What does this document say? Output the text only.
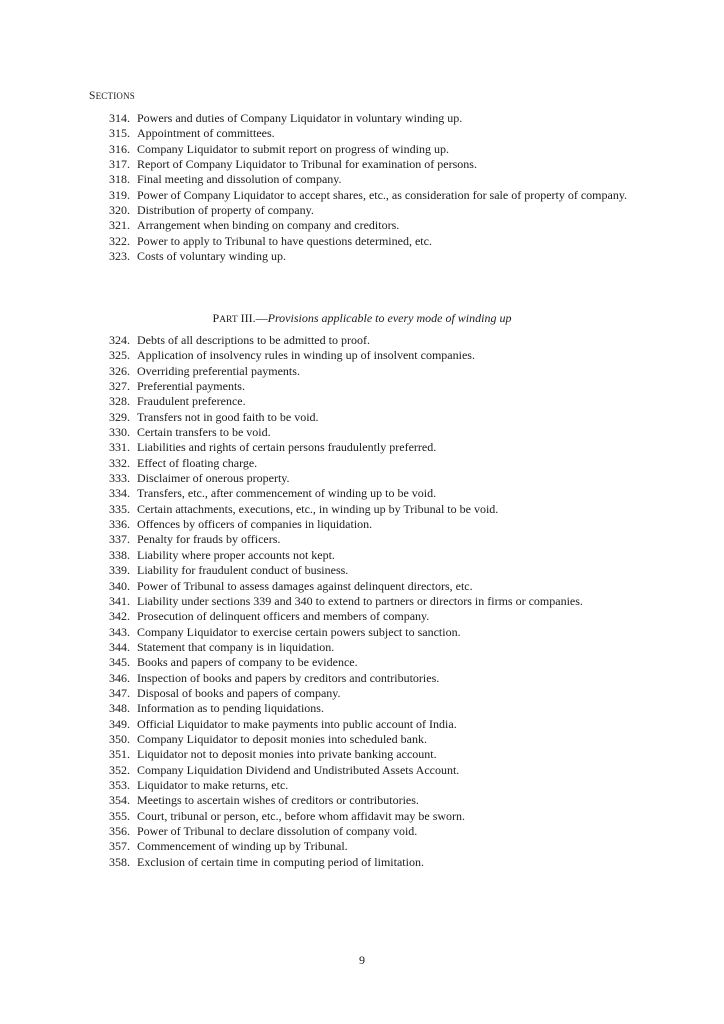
SECTIONS
314. Powers and duties of Company Liquidator in voluntary winding up.
315. Appointment of committees.
316. Company Liquidator to submit report on progress of winding up.
317. Report of Company Liquidator to Tribunal for examination of persons.
318. Final meeting and dissolution of company.
319. Power of Company Liquidator to accept shares, etc., as consideration for sale of property of company.
320. Distribution of property of company.
321. Arrangement when binding on company and creditors.
322. Power to apply to Tribunal to have questions determined, etc.
323. Costs of voluntary winding up.
PART III.—Provisions applicable to every mode of winding up
324. Debts of all descriptions to be admitted to proof.
325. Application of insolvency rules in winding up of insolvent companies.
326. Overriding preferential payments.
327. Preferential payments.
328. Fraudulent preference.
329. Transfers not in good faith to be void.
330. Certain transfers to be void.
331. Liabilities and rights of certain persons fraudulently preferred.
332. Effect of floating charge.
333. Disclaimer of onerous property.
334. Transfers, etc., after commencement of winding up to be void.
335. Certain attachments, executions, etc., in winding up by Tribunal to be void.
336. Offences by officers of companies in liquidation.
337. Penalty for frauds by officers.
338. Liability where proper accounts not kept.
339. Liability for fraudulent conduct of business.
340. Power of Tribunal to assess damages against delinquent directors, etc.
341. Liability under sections 339 and 340 to extend to partners or directors in firms or companies.
342. Prosecution of delinquent officers and members of company.
343. Company Liquidator to exercise certain powers subject to sanction.
344. Statement that company is in liquidation.
345. Books and papers of company to be evidence.
346. Inspection of books and papers by creditors and contributories.
347. Disposal of books and papers of company.
348. Information as to pending liquidations.
349. Official Liquidator to make payments into public account of India.
350. Company Liquidator to deposit monies into scheduled bank.
351. Liquidator not to deposit monies into private banking account.
352. Company Liquidation Dividend and Undistributed Assets Account.
353. Liquidator to make returns, etc.
354. Meetings to ascertain wishes of creditors or contributories.
355. Court, tribunal or person, etc., before whom affidavit may be sworn.
356. Power of Tribunal to declare dissolution of company void.
357. Commencement of winding up by Tribunal.
358. Exclusion of certain time in computing period of limitation.
9
